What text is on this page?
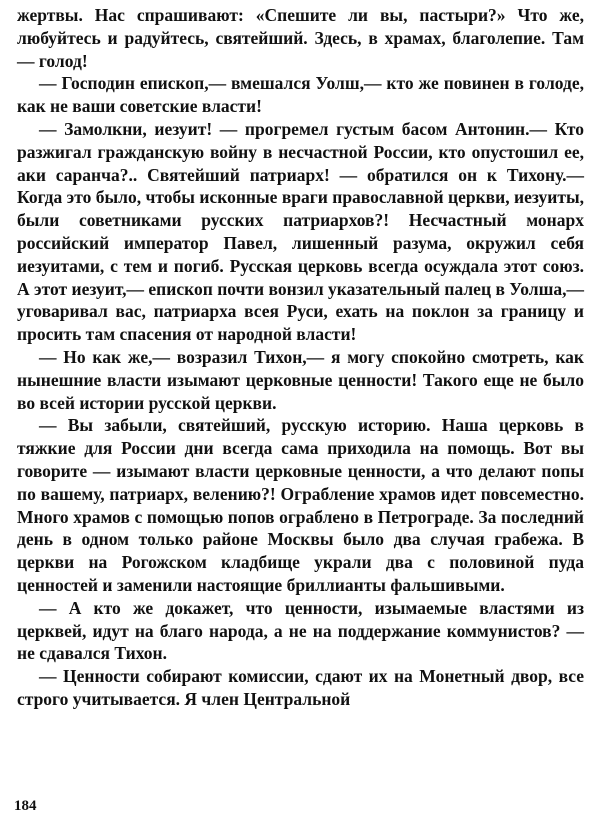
жертвы. Нас спрашивают: «Спешите ли вы, пастыри?» Что же, любуйтесь и радуйтесь, святейший. Здесь, в храмах, благолепие. Там — голод!

— Господин епископ,— вмешался Уолш,— кто же повинен в голоде, как не ваши советские власти!

— Замолкни, иезуит! — прогремел густым басом Антонин.— Кто разжигал гражданскую войну в несчастной России, кто опустошил ее, аки саранча?.. Святейший патриарх! — обратился он к Тихону.— Когда это было, чтобы исконные враги православной церкви, иезуиты, были советниками русских патриархов?! Несчастный монарх российский император Павел, лишенный разума, окружил себя иезуитами, с тем и погиб. Русская церковь всегда осуждала этот союз. А этот иезуит,— епископ почти вонзил указательный палец в Уолша,— уговаривал вас, патриарха всея Руси, ехать на поклон за границу и просить там спасения от народной власти!

— Но как же,— возразил Тихон,— я могу спокойно смотреть, как нынешние власти изымают церковные ценности! Такого еще не было во всей истории русской церкви.

— Вы забыли, святейший, русскую историю. Наша церковь в тяжкие для России дни всегда сама приходила на помощь. Вот вы говорите — изымают власти церковные ценности, а что делают попы по вашему, патриарх, велению?! Ограбление храмов идет повсеместно. Много храмов с помощью попов ограблено в Петрограде. За последний день в одном только районе Москвы было два случая грабежа. В церкви на Рогожском кладбище украли два с половиной пуда ценностей и заменили настоящие бриллианты фальшивыми.

— А кто же докажет, что ценности, изымаемые властями из церквей, идут на благо народа, а не на поддержание коммунистов? — не сдавался Тихон.

— Ценности собирают комиссии, сдают их на Монетный двор, все строго учитывается. Я член Центральной

184
